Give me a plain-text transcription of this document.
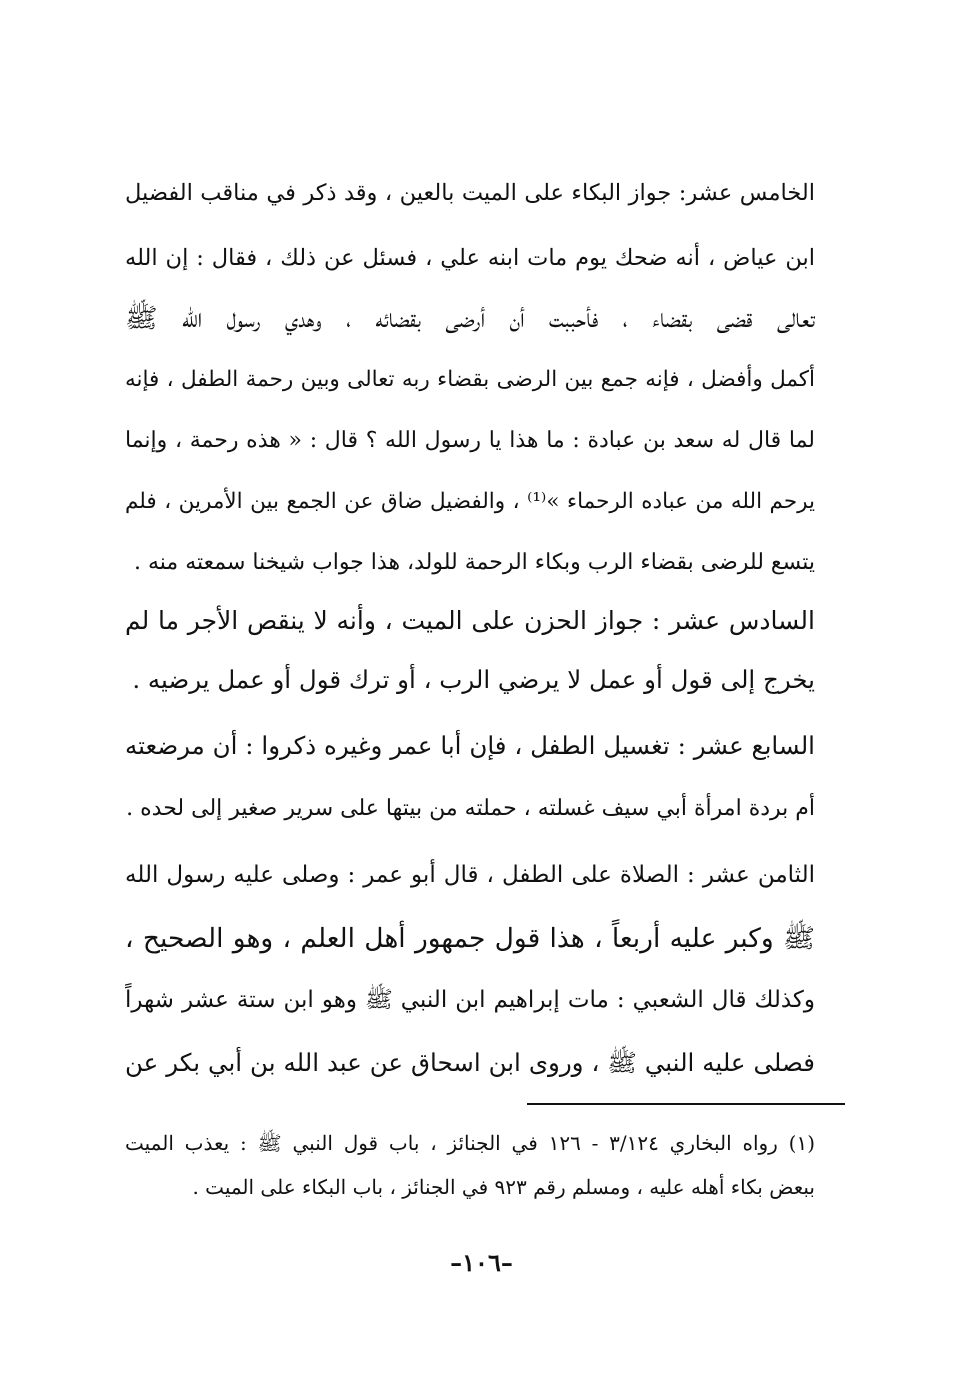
الخامس عشر: جواز البكاء على الميت بالعين ، وقد ذكر في مناقب الفضيل
ابن عياض ، أنه ضحك يوم مات ابنه علي ، فسئل عن ذلك ، فقال : إن الله
تعالى قضى بقضاء ، فأحببت أن أرضى بقضائه ، وهدي رسول الله ﷺ
أكمل وأفضل ، فإنه جمع بين الرضى بقضاء ربه تعالى وبين رحمة الطفل ، فإنه
لما قال له سعد بن عبادة : ما هذا يا رسول الله ؟ قال : « هذه رحمة ، وإنما
يرحم الله من عباده الرحماء »⁽¹⁾ ، والفضيل ضاق عن الجمع بين الأمرين ، فلم
يتسع للرضى بقضاء الرب وبكاء الرحمة للولد، هذا جواب شيخنا سمعته منه .
السادس عشر : جواز الحزن على الميت ، وأنه لا ينقص الأجر ما لم
يخرج إلى قول أو عمل لا يرضي الرب ، أو ترك قول أو عمل يرضيه .
السابع عشر : تغسيل الطفل ، فإن أبا عمر وغيره ذكروا : أن مرضعته
أم بردة امرأة أبي سيف غسلته ، حملته من بيتها على سرير صغير إلى لحده .
الثامن عشر : الصلاة على الطفل ، قال أبو عمر : وصلى عليه رسول الله
ﷺ وكبر عليه أربعاً ، هذا قول جمهور أهل العلم ، وهو الصحيح ،
وكذلك قال الشعبي : مات إبراهيم ابن النبي ﷺ وهو ابن ستة عشر شهراً
فصلى عليه النبي ﷺ ، وروى ابن اسحاق عن عبد الله بن أبي بكر عن
(١) رواه البخاري ٣/١٢٤ - ١٢٦ في الجنائز ، باب قول النبي ﷺ : يعذب الميت
ببعض بكاء أهله عليه ، ومسلم رقم ٩٢٣ في الجنائز ، باب البكاء على الميت .
–١٠٦–
